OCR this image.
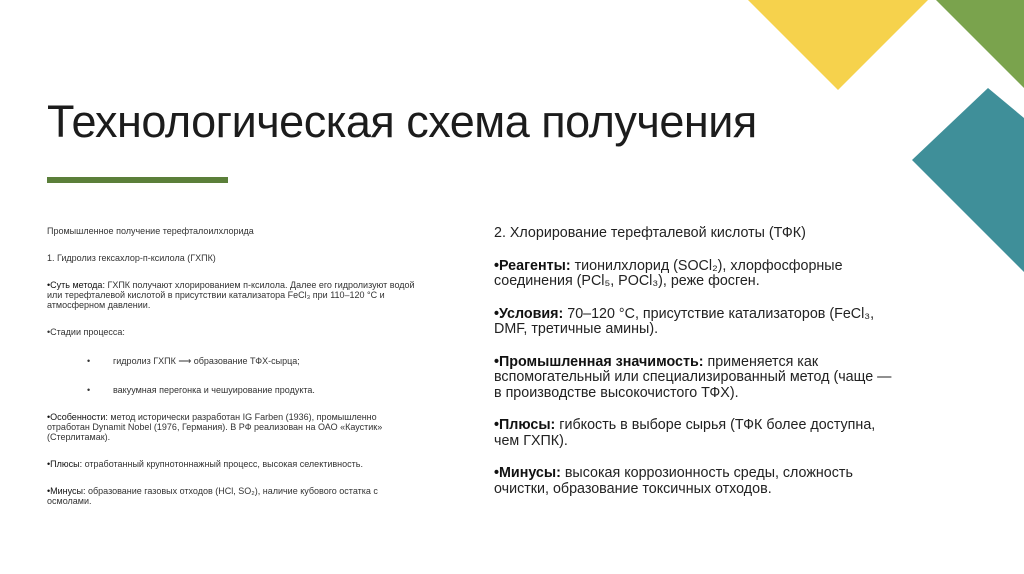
Технологическая схема получения

Промышленное получение терефталоилхлорида

1. Гидролиз гексахлор-п-ксилола (ГХПК)

•Суть метода: ГХПК получают хлорированием п-ксилола. Далее его гидролизуют водой или терефталевой кислотой в присутствии катализатора FeCl₃ при 110–120 °C и атмосферном давлении.

•Стадии процесса:

•	гидролиз ГХПК ⟶ образование ТФХ-сырца;

•	вакуумная перегонка и чешуирование продукта.

•Особенности: метод исторически разработан IG Farben (1936), промышленно отработан Dynamit Nobel (1976, Германия). В РФ реализован на ОАО «Каустик» (Стерлитамак).

•Плюсы: отработанный крупнотоннажный процесс, высокая селективность.

•Минусы: образование газовых отходов (HCl, SO₂), наличие кубового остатка с осмолами.

2. Хлорирование терефталевой кислоты (ТФК)

•Реагенты: тионилхлорид (SOCl₂), хлорфосфорные соединения (PCl₅, POCl₃), реже фосген.

•Условия: 70–120 °C, присутствие катализаторов (FeCl₃, DMF, третичные амины).

•Промышленная значимость: применяется как вспомогательный или специализированный метод (чаще — в производстве высокочистого ТФХ).

•Плюсы: гибкость в выборе сырья (ТФК более доступна, чем ГХПК).

•Минусы: высокая коррозионность среды, сложность очистки, образование токсичных отходов.
